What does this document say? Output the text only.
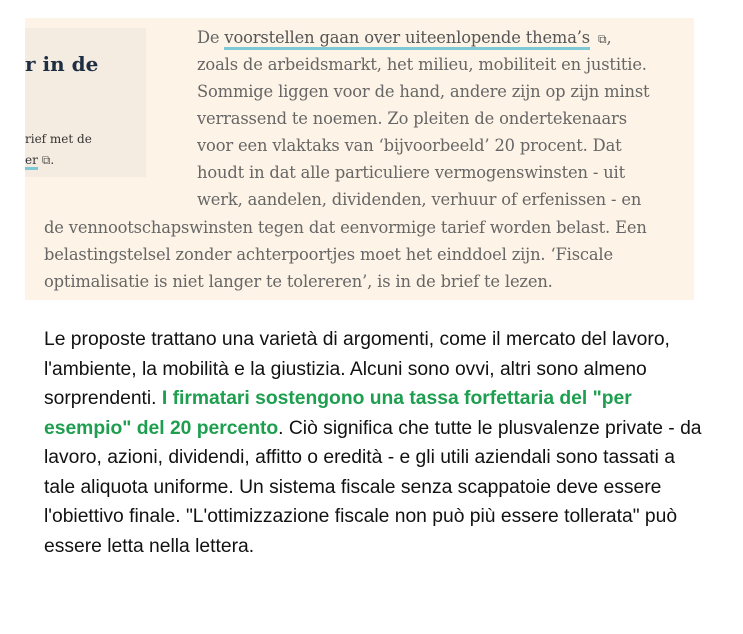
r in de
rief met de
er ⧉.
De voorstellen gaan over uiteenlopende thema’s ⧉,
zoals de arbeidsmarkt, het milieu, mobiliteit en justitie.
Sommige liggen voor de hand, andere zijn op zijn minst
verrassend te noemen. Zo pleiten de ondertekenaars
voor een vlaktaks van ‘bijvoorbeeld’ 20 procent. Dat
houdt in dat alle particuliere vermogenswinsten - uit
werk, aandelen, dividenden, verhuur of erfenissen - en
de vennootschapswinsten tegen dat eenvormige tarief worden belast. Een
belastingstelsel zonder achterpoortjes moet het einddoel zijn. ‘Fiscale
optimalisatie is niet langer te tolereren’, is in de brief te lezen.
Le proposte trattano una varietà di argomenti, come il mercato del lavoro, l'ambiente, la mobilità e la giustizia. Alcuni sono ovvi, altri sono almeno sorprendenti. I firmatari sostengono una tassa forfettaria del "per esempio" del 20 percento. Ciò significa che tutte le plusvalenze private - da lavoro, azioni, dividendi, affitto o eredità - e gli utili aziendali sono tassati a tale aliquota uniforme. Un sistema fiscale senza scappatoie deve essere l'obiettivo finale. "L'ottimizzazione fiscale non può più essere tollerata" può essere letta nella lettera.
